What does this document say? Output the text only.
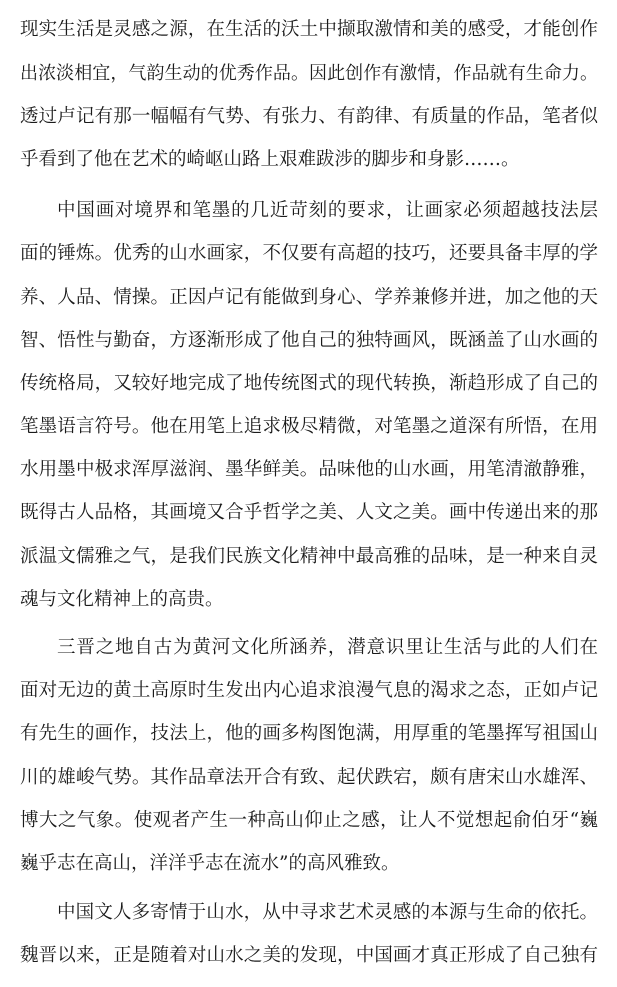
现实生活是灵感之源，在生活的沃土中撷取激情和美的感受，才能创作
出浓淡相宜，气韵生动的优秀作品。因此创作有激情，作品就有生命力。
透过卢记有那一幅幅有气势、有张力、有韵律、有质量的作品，笔者似
乎看到了他在艺术的崎岖山路上艰难跋涉的脚步和身影……。
中国画对境界和笔墨的几近苛刻的要求，让画家必须超越技法层
面的锤炼。优秀的山水画家，不仅要有高超的技巧，还要具备丰厚的学
养、人品、情操。正因卢记有能做到身心、学养兼修并进，加之他的天
智、悟性与勤奋，方逐渐形成了他自己的独特画风，既涵盖了山水画的
传统格局，又较好地完成了地传统图式的现代转换，渐趋形成了自己的
笔墨语言符号。他在用笔上追求极尽精微，对笔墨之道深有所悟，在用
水用墨中极求浑厚滋润、墨华鲜美。品味他的山水画，用笔清澈静雅，
既得古人品格，其画境又合乎哲学之美、人文之美。画中传递出来的那
派温文儒雅之气，是我们民族文化精神中最高雅的品味，是一种来自灵
魂与文化精神上的高贵。
三晋之地自古为黄河文化所涵养，潜意识里让生活与此的人们在
面对无边的黄土高原时生发出内心追求浪漫气息的渴求之态，正如卢记
有先生的画作，技法上，他的画多构图饱满，用厚重的笔墨挥写祖国山
川的雄峻气势。其作品章法开合有致、起伏跌宕，颇有唐宋山水雄浑、
博大之气象。使观者产生一种高山仰止之感，让人不觉想起俞伯牙“巍
巍乎志在高山，洋洋乎志在流水”的高风雅致。
中国文人多寄情于山水，从中寻求艺术灵感的本源与生命的依托。
魏晋以来，正是随着对山水之美的发现，中国画才真正形成了自己独有
